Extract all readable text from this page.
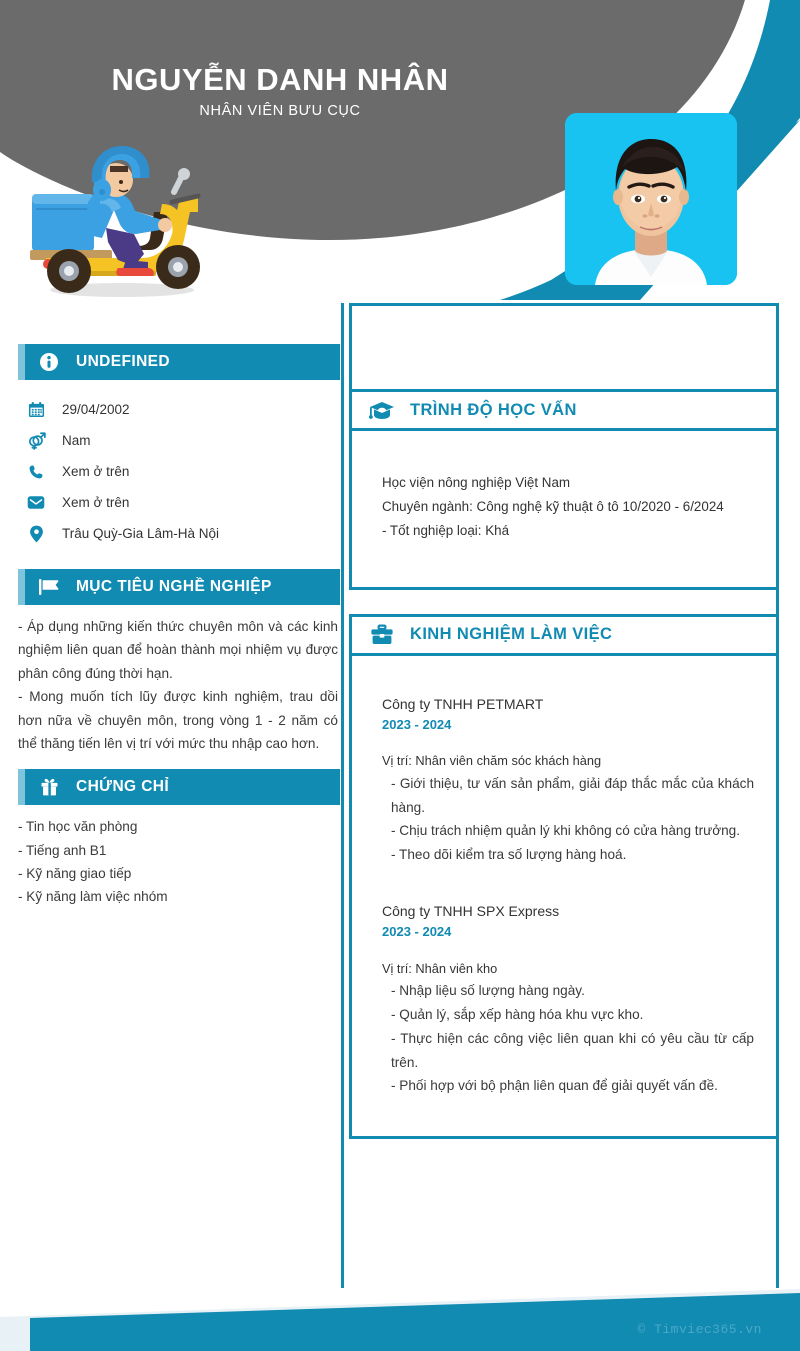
NGUYỄN DANH NHÂN
NHÂN VIÊN BƯU CỤC
UNDEFINED
29/04/2002
Nam
Xem ở trên
Xem ở trên
Trâu Quỳ-Gia Lâm-Hà Nội
MỤC TIÊU NGHỀ NGHIỆP

- Áp dụng những kiến thức chuyên môn và các kinh nghiệm liên quan để hoàn thành mọi nhiệm vụ được phân công đúng thời hạn.

- Mong muốn tích lũy được kinh nghiệm, trau dồi hơn nữa về chuyên môn, trong vòng 1 - 2 năm có thể thăng tiến lên vị trí với mức thu nhập cao hơn.

CHỨNG CHỈ
- Tin học văn phòng
- Tiếng anh B1
- Kỹ năng giao tiếp
- Kỹ năng làm việc nhóm
TRÌNH ĐỘ HỌC VẤN
Học viện nông nghiệp Việt Nam
Chuyên ngành: Công nghệ kỹ thuật ô tô 10/2020 - 6/2024
- Tốt nghiệp loại: Khá
KINH NGHIỆM LÀM VIỆC
Công ty TNHH PETMART
2023 - 2024
Vị trí: Nhân viên chăm sóc khách hàng
- Giới thiệu, tư vấn sản phẩm, giải đáp thắc mắc của khách hàng.
- Chịu trách nhiệm quản lý khi không có cửa hàng trưởng.
- Theo dõi kiểm tra số lượng hàng hoá.
Công ty TNHH SPX Express
2023 - 2024
Vị trí: Nhân viên kho
- Nhập liệu số lượng hàng ngày.
- Quản lý, sắp xếp hàng hóa khu vực kho.
- Thực hiện các công việc liên quan khi có yêu cầu từ cấp trên.
- Phối hợp với bộ phận liên quan để giải quyết vấn đề.
© Timviec365.vn
